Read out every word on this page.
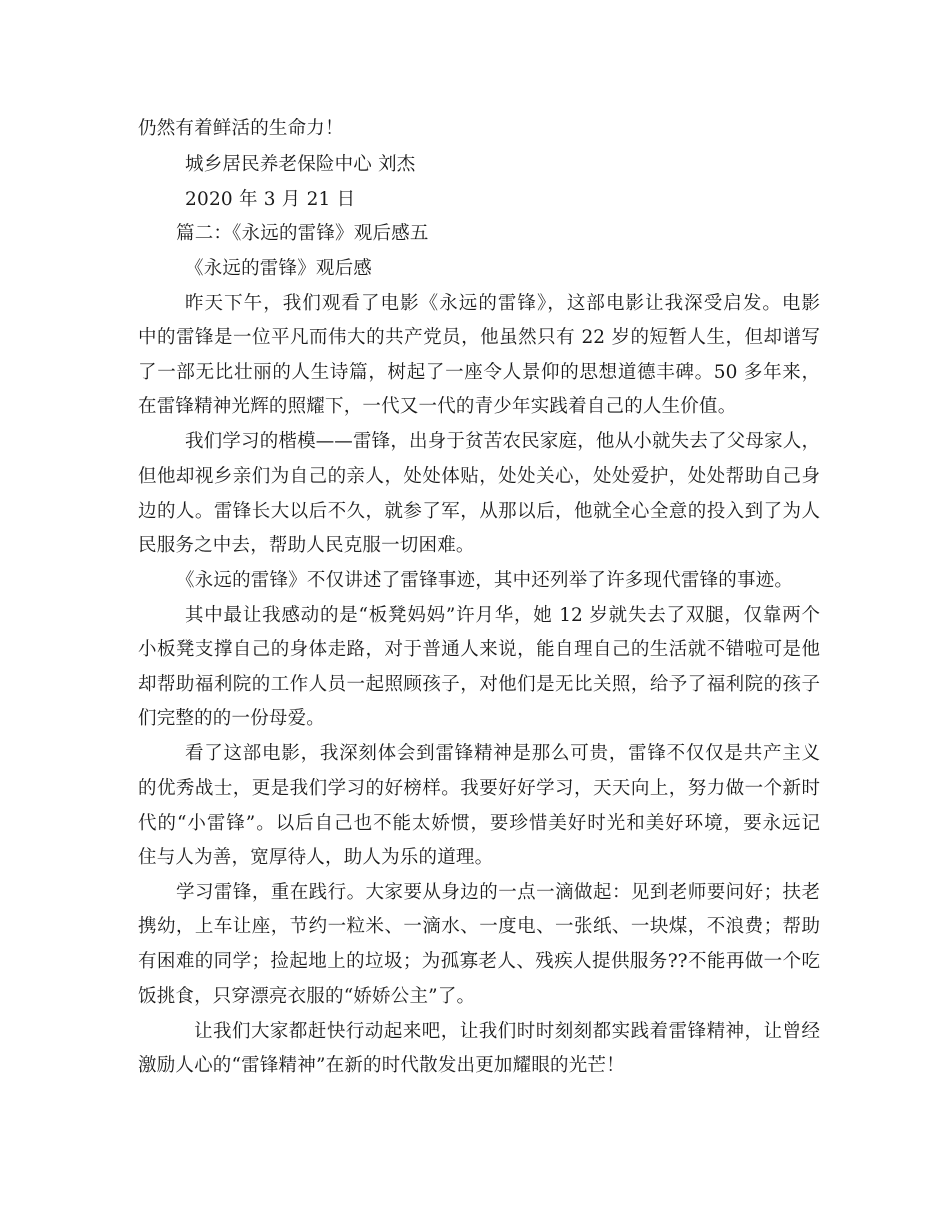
仍然有着鲜活的生命力！
城乡居民养老保险中心 刘杰
2020 年 3 月 21 日
篇二：《永远的雷锋》观后感五
《永远的雷锋》观后感
昨天下午，我们观看了电影《永远的雷锋》，这部电影让我深受启发。电影
中的雷锋是一位平凡而伟大的共产党员，他虽然只有 22 岁的短暂人生，但却谱写
了一部无比壮丽的人生诗篇，树起了一座令人景仰的思想道德丰碑。50 多年来，
在雷锋精神光辉的照耀下，一代又一代的青少年实践着自己的人生价值。
我们学习的楷模——雷锋，出身于贫苦农民家庭，他从小就失去了父母家人，
但他却视乡亲们为自己的亲人，处处体贴，处处关心，处处爱护，处处帮助自己身
边的人。雷锋长大以后不久，就参了军，从那以后，他就全心全意的投入到了为人
民服务之中去，帮助人民克服一切困难。
《永远的雷锋》不仅讲述了雷锋事迹，其中还列举了许多现代雷锋的事迹。
其中最让我感动的是“板凳妈妈”许月华，她 12 岁就失去了双腿，仅靠两个
小板凳支撑自己的身体走路，对于普通人来说，能自理自己的生活就不错啦可是他
却帮助福利院的工作人员一起照顾孩子，对他们是无比关照，给予了福利院的孩子
们完整的的一份母爱。
看了这部电影，我深刻体会到雷锋精神是那么可贵，雷锋不仅仅是共产主义
的优秀战士，更是我们学习的好榜样。我要好好学习，天天向上，努力做一个新时
代的“小雷锋”。以后自己也不能太娇惯，要珍惜美好时光和美好环境，要永远记
住与人为善，宽厚待人，助人为乐的道理。
学习雷锋，重在践行。大家要从身边的一点一滴做起：见到老师要问好；扶老
携幼，上车让座，节约一粒米、一滴水、一度电、一张纸、一块煤，不浪费；帮助
有困难的同学；捡起地上的垃圾；为孤寡老人、残疾人提供服务??不能再做一个吃
饭挑食，只穿漂亮衣服的“娇娇公主”了。
让我们大家都赶快行动起来吧，让我们时时刻刻都实践着雷锋精神，让曾经
激励人心的“雷锋精神”在新的时代散发出更加耀眼的光芒！
